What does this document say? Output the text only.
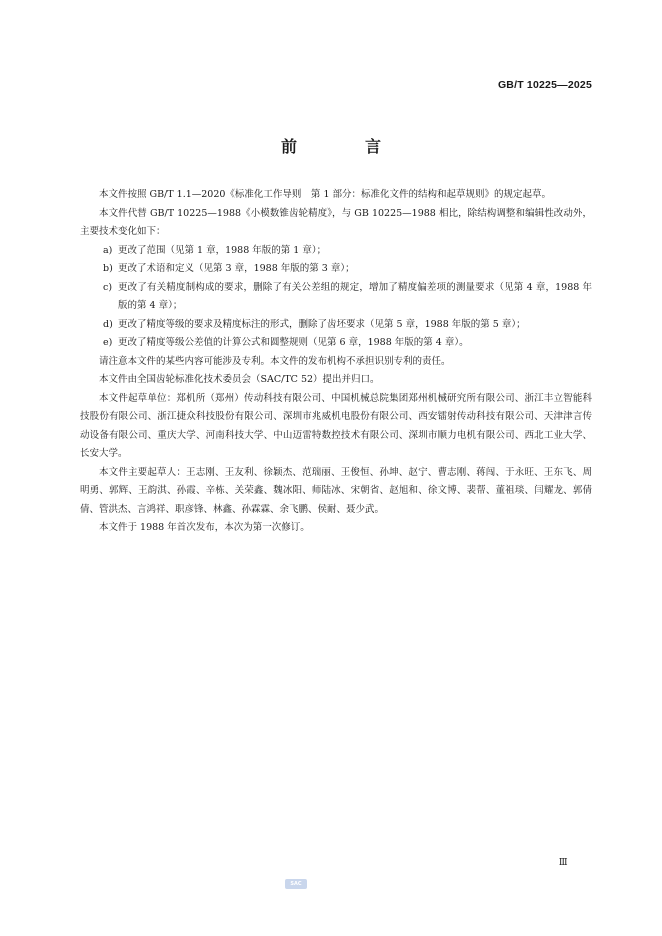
GB/T 10225—2025
前　言

本文件按照 GB/T 1.1—2020《标准化工作导则　第 1 部分：标准化文件的结构和起草规则》的规定起草。

本文件代替 GB/T 10225—1988《小模数锥齿轮精度》，与 GB 10225—1988 相比，除结构调整和编辑性改动外，主要技术变化如下：

a) 更改了范围（见第 1 章，1988 年版的第 1 章）；

b) 更改了术语和定义（见第 3 章，1988 年版的第 3 章）；

c) 更改了有关精度制构成的要求，删除了有关公差组的规定，增加了精度偏差项的测量要求（见第 4 章，1988 年版的第 4 章）；

d) 更改了精度等级的要求及精度标注的形式，删除了齿坯要求（见第 5 章，1988 年版的第 5 章）；

e) 更改了精度等级公差值的计算公式和圆整规则（见第 6 章，1988 年版的第 4 章）。

请注意本文件的某些内容可能涉及专利。本文件的发布机构不承担识别专利的责任。

本文件由全国齿轮标准化技术委员会（SAC/TC 52）提出并归口。

本文件起草单位：郑机所（郑州）传动科技有限公司、中国机械总院集团郑州机械研究所有限公司、浙江丰立智能科技股份有限公司、浙江捷众科技股份有限公司、深圳市兆威机电股份有限公司、西安镭射传动科技有限公司、天津津言传动设备有限公司、重庆大学、河南科技大学、中山迈雷特数控技术有限公司、深圳市顺力电机有限公司、西北工业大学、长安大学。

本文件主要起草人：王志刚、王友利、徐颖杰、范瑞丽、王俊恒、孙坤、赵宁、曹志刚、蒋闯、于永旺、王东飞、周明勇、郭辉、王韵淇、孙霞、辛栋、关荣鑫、魏冰阳、师陆冰、宋朝省、赵旭和、徐文博、裴帮、董祖琰、闫耀龙、郭倩倩、管洪杰、言鸿祥、职彦锋、林鑫、孙霖霖、余飞鹏、侯耐、聂少武。

本文件于 1988 年首次发布，本次为第一次修订。

Ⅲ
SAC
